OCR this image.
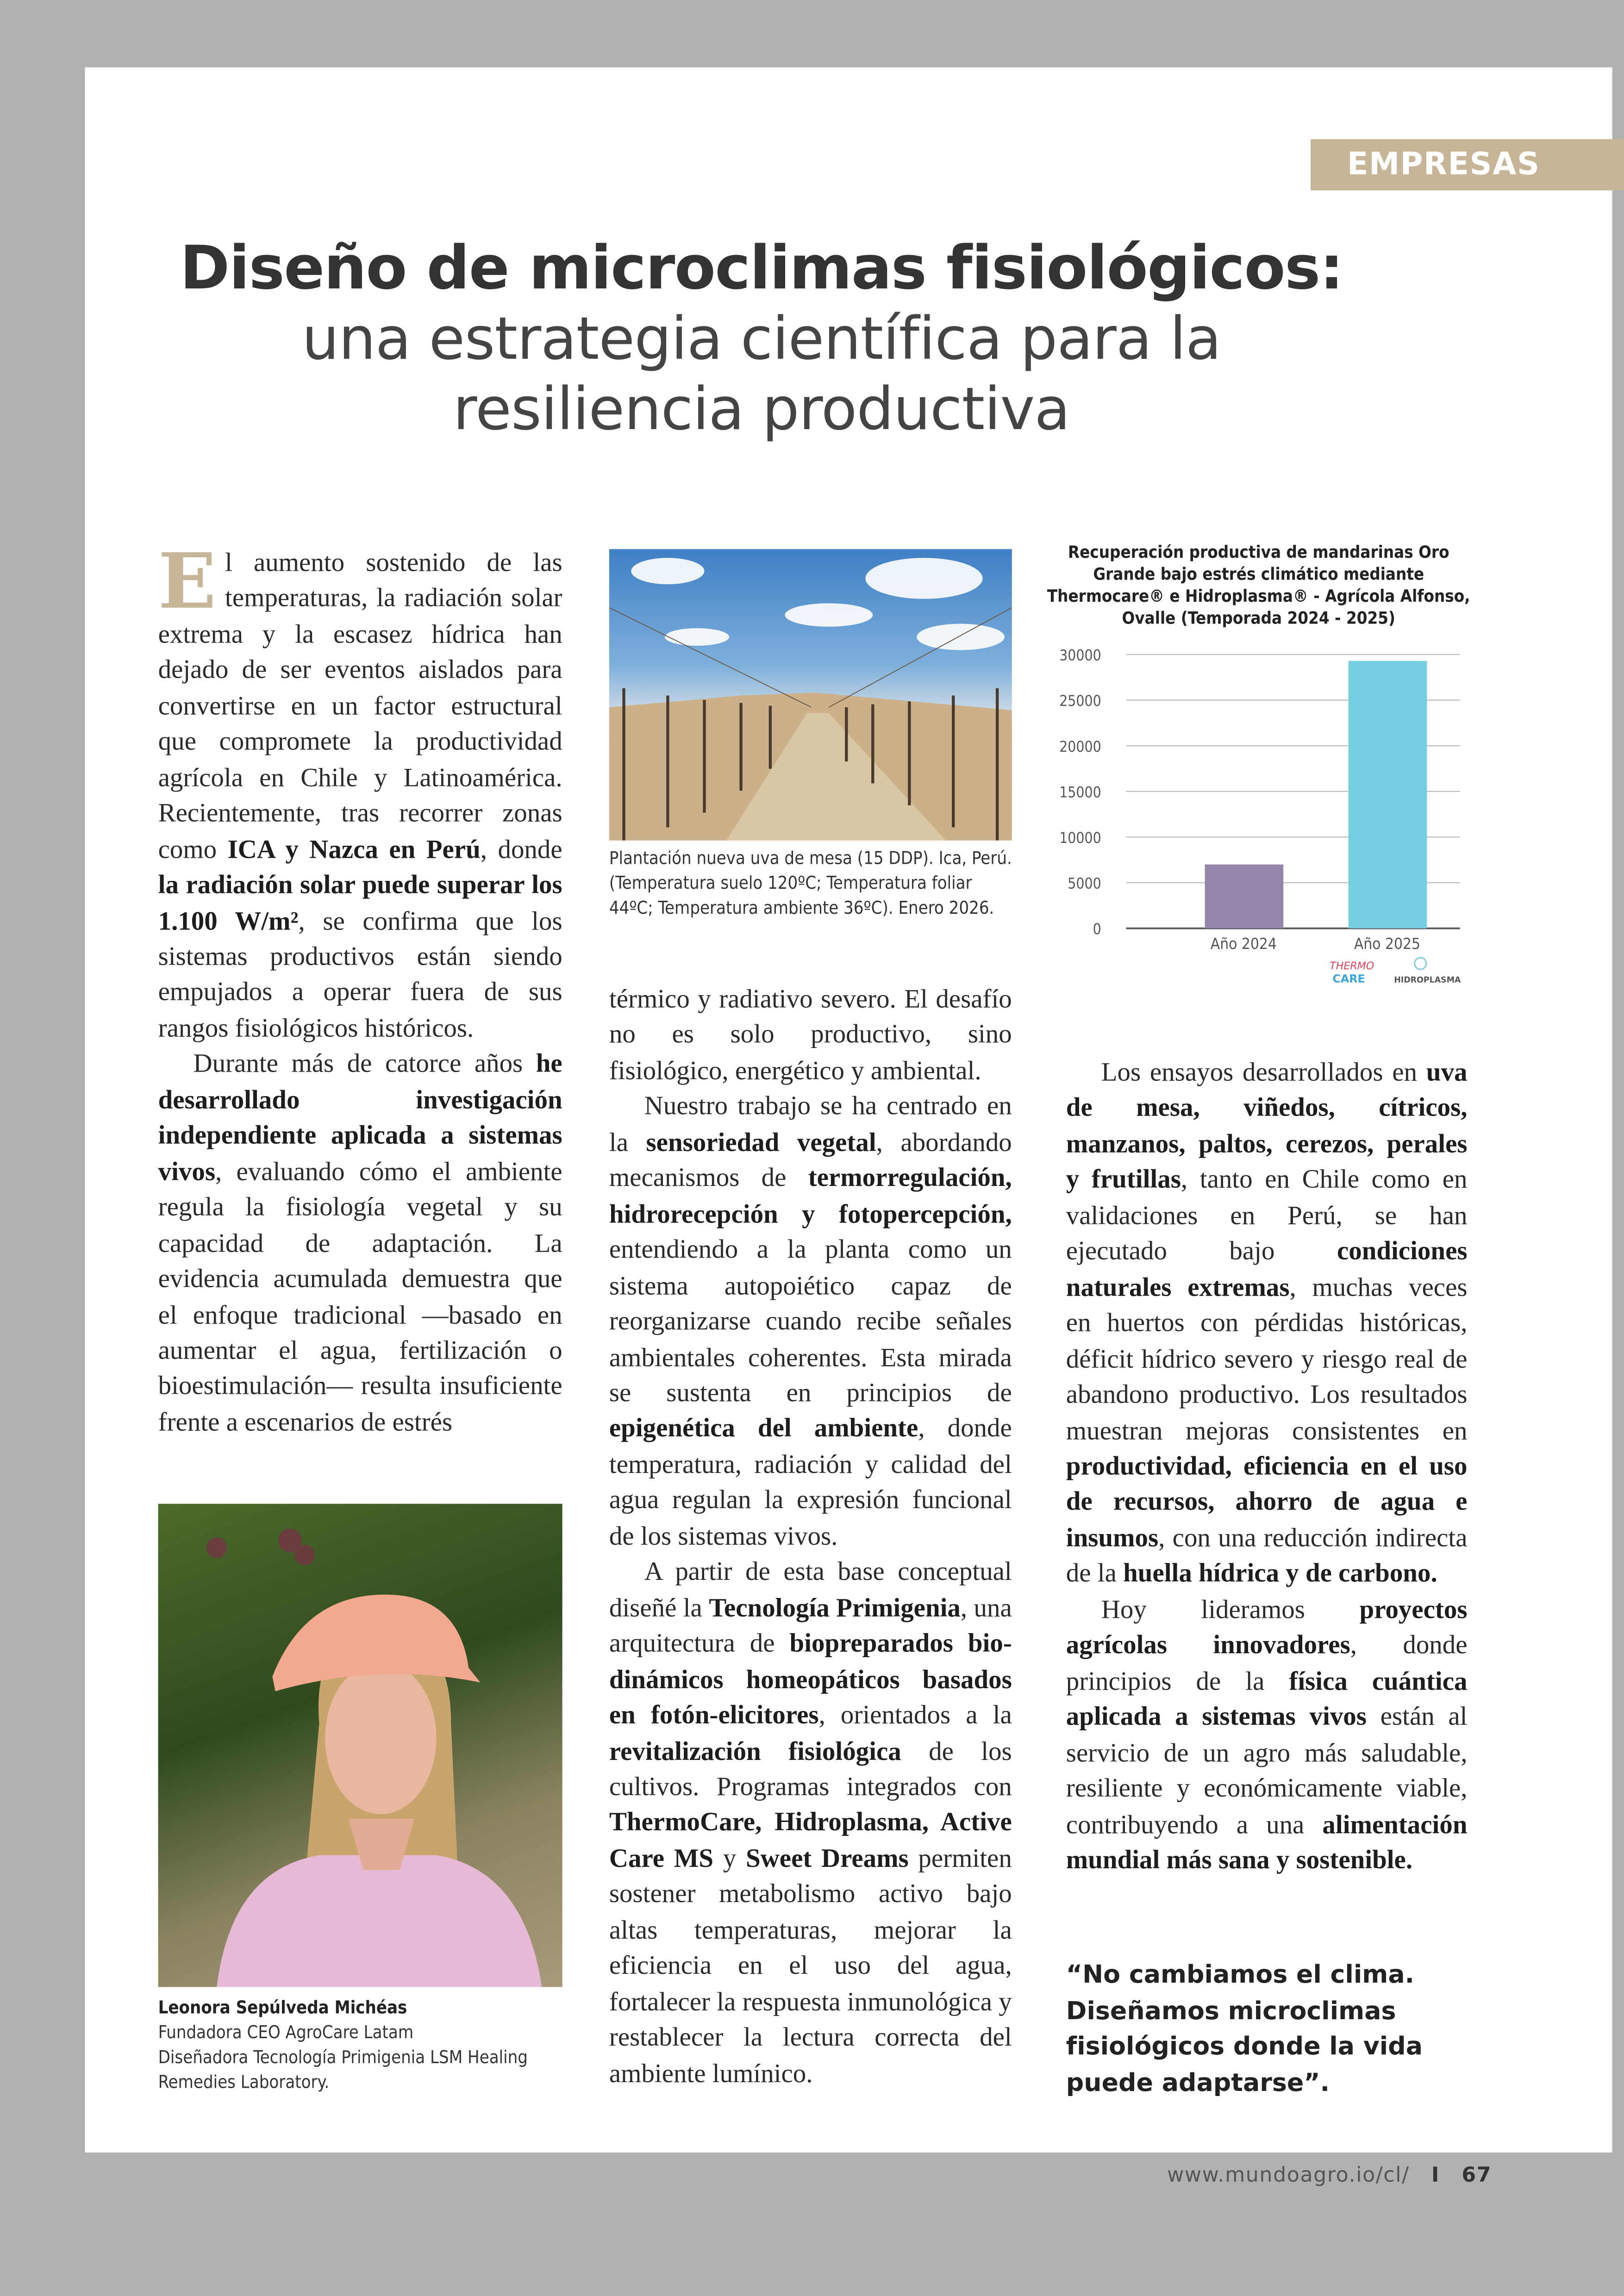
EMPRESAS
Diseño de microclimas fisiológicos:
una estrategia científica para la
resiliencia productiva

E l aumento sostenido de las temperaturas, la radiación solar extrema y la escasez hídrica han dejado de ser eventos aislados para convertirse en un factor estructural que compromete la productividad agrícola en Chile y Latinoamérica. Recientemente, tras recorrer zonas como ICA y Nazca en Perú, donde la radiación solar puede superar los 1.100 W/m², se confirma que los sistemas productivos están siendo empujados a operar fuera de sus rangos fisiológicos históricos.

Durante más de catorce años he desarrollado investigación independiente aplicada a sistemas vivos, evaluando cómo el ambiente regula la fisiología vegetal y su capacidad de adaptación. La evidencia acumulada demuestra que el enfoque tradicional —basado en aumentar el agua, fertilización o bioestimulación— resulta insuficiente frente a escenarios de estrés

Plantación nueva uva de mesa (15 DDP). Ica, Perú. (Temperatura suelo 120ºC; Temperatura foliar 44ºC; Temperatura ambiente 36ºC). Enero 2026.
Recuperación productiva de mandarinas Oro Grande bajo estrés climático mediante Thermocare® e Hidroplasma® - Agrícola Alfonso, Ovalle (Temporada 2024 - 2025)
0
5000
10000
15000
20000
25000
30000
Año 2024	Año 2025
THERMO
CARE	HIDROPLASMA

térmico y radiativo severo. El desafío no es solo productivo, sino fisiológico, energético y ambiental.

Nuestro trabajo se ha centrado en la sensoriedad vegetal, abordando mecanismos de termorregulación, hidrorecepción y fotopercepción, entendiendo a la planta como un sistema autopoiético capaz de reorganizarse cuando recibe señales ambientales coherentes. Esta mirada se sustenta en principios de epigenética del ambiente, donde temperatura, radiación y calidad del agua regulan la expresión funcional de los sistemas vivos.

A partir de esta base conceptual diseñé la Tecnología Primigenia, una arquitectura de biopreparados bio-dinámicos homeopáticos basados en fotón-elicitores, orientados a la revitalización fisiológica de los cultivos. Programas integrados con ThermoCare, Hidroplasma, Active Care MS y Sweet Dreams permiten sostener metabolismo activo bajo altas temperaturas, mejorar la eficiencia en el uso del agua, fortalecer la respuesta inmunológica y restablecer la lectura correcta del ambiente lumínico.

Los ensayos desarrollados en uva de mesa, viñedos, cítricos, manzanos, paltos, cerezos, perales y frutillas, tanto en Chile como en validaciones en Perú, se han ejecutado bajo condiciones naturales extremas, muchas veces en huertos con pérdidas históricas, déficit hídrico severo y riesgo real de abandono productivo. Los resultados muestran mejoras consistentes en productividad, eficiencia en el uso de recursos, ahorro de agua e insumos, con una reducción indirecta de la huella hídrica y de carbono.

Hoy lideramos proyectos agrícolas innovadores, donde principios de la física cuántica aplicada a sistemas vivos están al servicio de un agro más saludable, resiliente y económicamente viable, contribuyendo a una alimentación mundial más sana y sostenible.

Leonora Sepúlveda Michéas
Fundadora CEO AgroCare Latam
Diseñadora Tecnología Primigenia LSM Healing Remedies Laboratory.
“No cambiamos el clima. Diseñamos microclimas fisiológicos donde la vida puede adaptarse”.
www.mundoagro.io/cl/	I	67
